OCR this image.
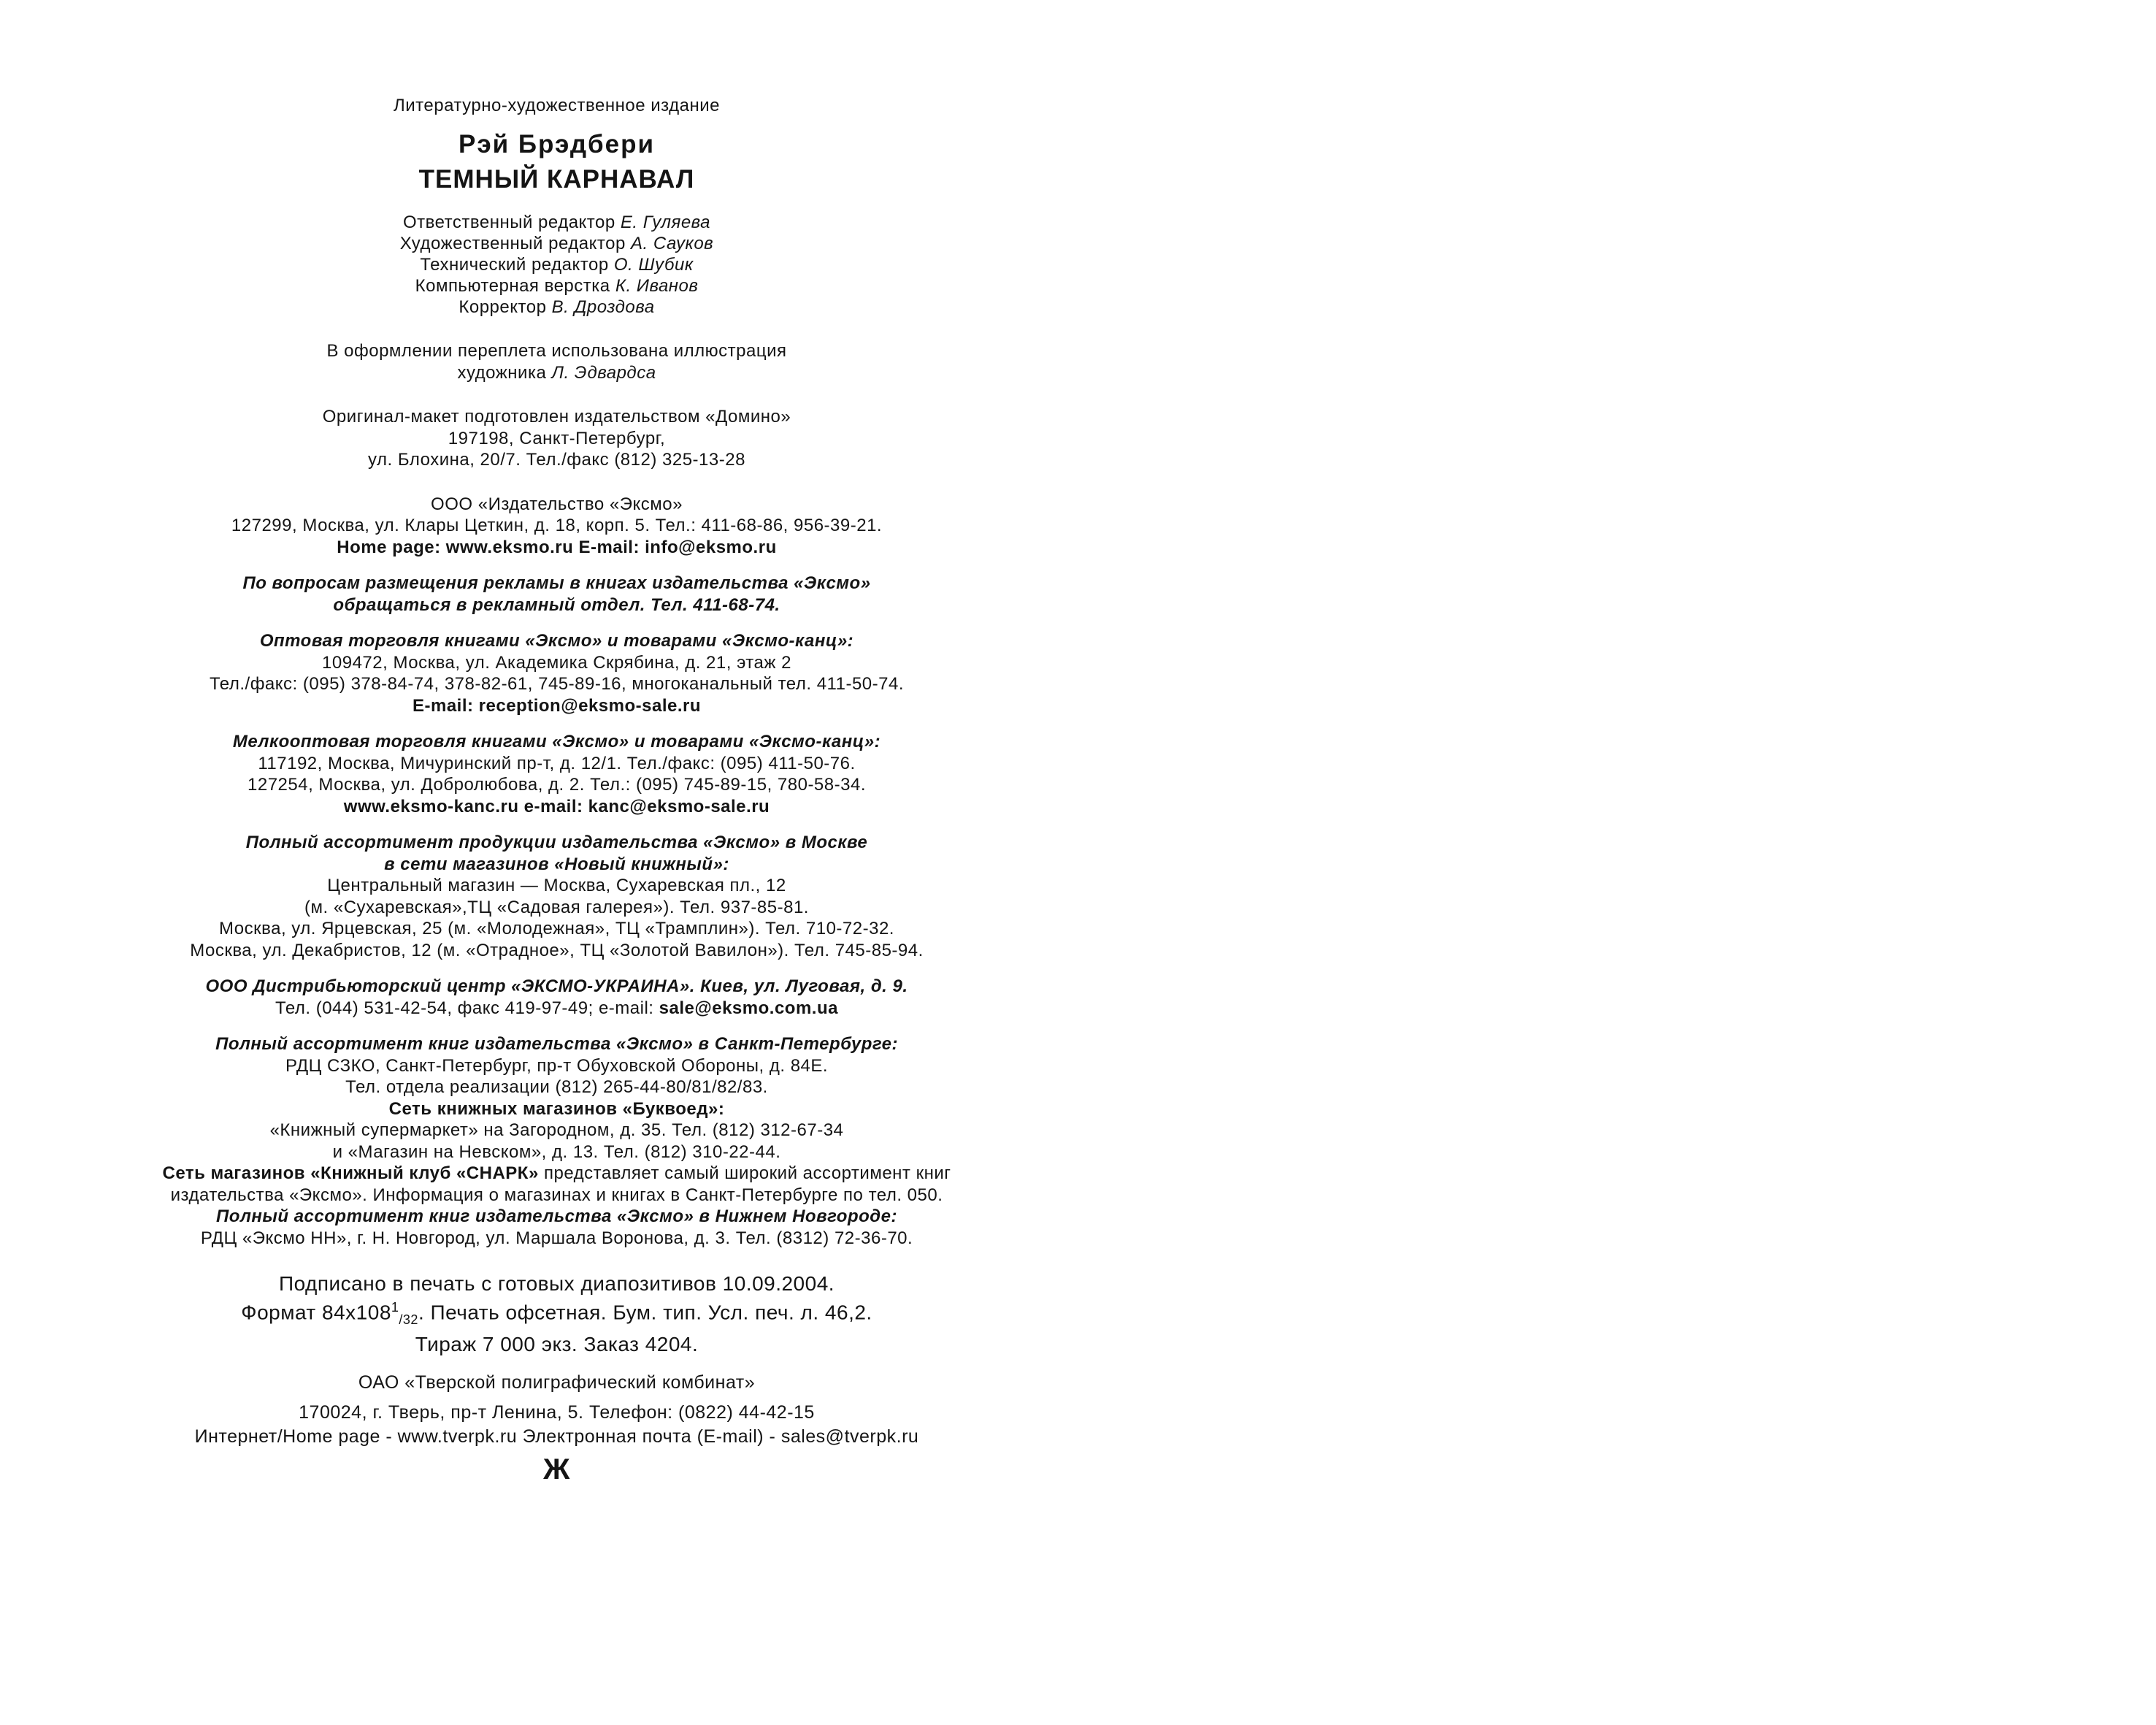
Литературно-художественное издание
Рэй Брэдбери
ТЕМНЫЙ КАРНАВАЛ
Ответственный редактор Е. Гуляева
Художественный редактор А. Сауков
Технический редактор О. Шубик
Компьютерная верстка К. Иванов
Корректор В. Дроздова
В оформлении переплета использована иллюстрация
художника Л. Эдвардса
Оригинал-макет подготовлен издательством «Домино»
197198, Санкт-Петербург,
ул. Блохина, 20/7. Тел./факс (812) 325-13-28
ООО «Издательство «Эксмо»
127299, Москва, ул. Клары Цеткин, д. 18, корп. 5. Тел.: 411-68-86, 956-39-21.
Home page: www.eksmo.ru E-mail: info@eksmo.ru
По вопросам размещения рекламы в книгах издательства «Эксмо»
обращаться в рекламный отдел. Тел. 411-68-74.
Оптовая торговля книгами «Эксмо» и товарами «Эксмо-канц»:
109472, Москва, ул. Академика Скрябина, д. 21, этаж 2
Тел./факс: (095) 378-84-74, 378-82-61, 745-89-16, многоканальный тел. 411-50-74.
E-mail: reception@eksmo-sale.ru
Мелкооптовая торговля книгами «Эксмо» и товарами «Эксмо-канц»:
117192, Москва, Мичуринский пр-т, д. 12/1. Тел./факс: (095) 411-50-76.
127254, Москва, ул. Добролюбова, д. 2. Тел.: (095) 745-89-15, 780-58-34.
www.eksmo-kanc.ru e-mail: kanc@eksmo-sale.ru
Полный ассортимент продукции издательства «Эксмо» в Москве
в сети магазинов «Новый книжный»:
Центральный магазин — Москва, Сухаревская пл., 12
(м. «Сухаревская»,ТЦ «Садовая галерея»). Тел. 937-85-81.
Москва, ул. Ярцевская, 25 (м. «Молодежная», ТЦ «Трамплин»). Тел. 710-72-32.
Москва, ул. Декабристов, 12 (м. «Отрадное», ТЦ «Золотой Вавилон»). Тел. 745-85-94.
ООО Дистрибьюторский центр «ЭКСМО-УКРАИНА». Киев, ул. Луговая, д. 9.
Тел. (044) 531-42-54, факс 419-97-49; e-mail: sale@eksmo.com.ua
Полный ассортимент книг издательства «Эксмо» в Санкт-Петербурге:
РДЦ СЗКО, Санкт-Петербург, пр-т Обуховской Обороны, д. 84Е.
Тел. отдела реализации (812) 265-44-80/81/82/83.
Сеть книжных магазинов «Буквоед»:
«Книжный супермаркет» на Загородном, д. 35. Тел. (812) 312-67-34
и «Магазин на Невском», д. 13. Тел. (812) 310-22-44.
Сеть магазинов «Книжный клуб «СНАРК» представляет самый широкий ассортимент книг
издательства «Эксмо». Информация о магазинах и книгах в Санкт-Петербурге по тел. 050.
Полный ассортимент книг издательства «Эксмо» в Нижнем Новгороде:
РДЦ «Эксмо НН», г. Н. Новгород, ул. Маршала Воронова, д. 3. Тел. (8312) 72-36-70.
Подписано в печать с готовых диапозитивов 10.09.2004.
Формат $84x108^1_{/32}$. Печать офсетная. Бум. тип. Усл. печ. л. 46,2.
Тираж 7 000 экз. Заказ 4204.
ОАО «Тверской полиграфический комбинат»
170024, г. Тверь, пр-т Ленина, 5. Телефон: (0822) 44-42-15
Интернет/Home page - www.tverpk.ru Электронная почта (E-mail) - sales@tverpk.ru
Ж
